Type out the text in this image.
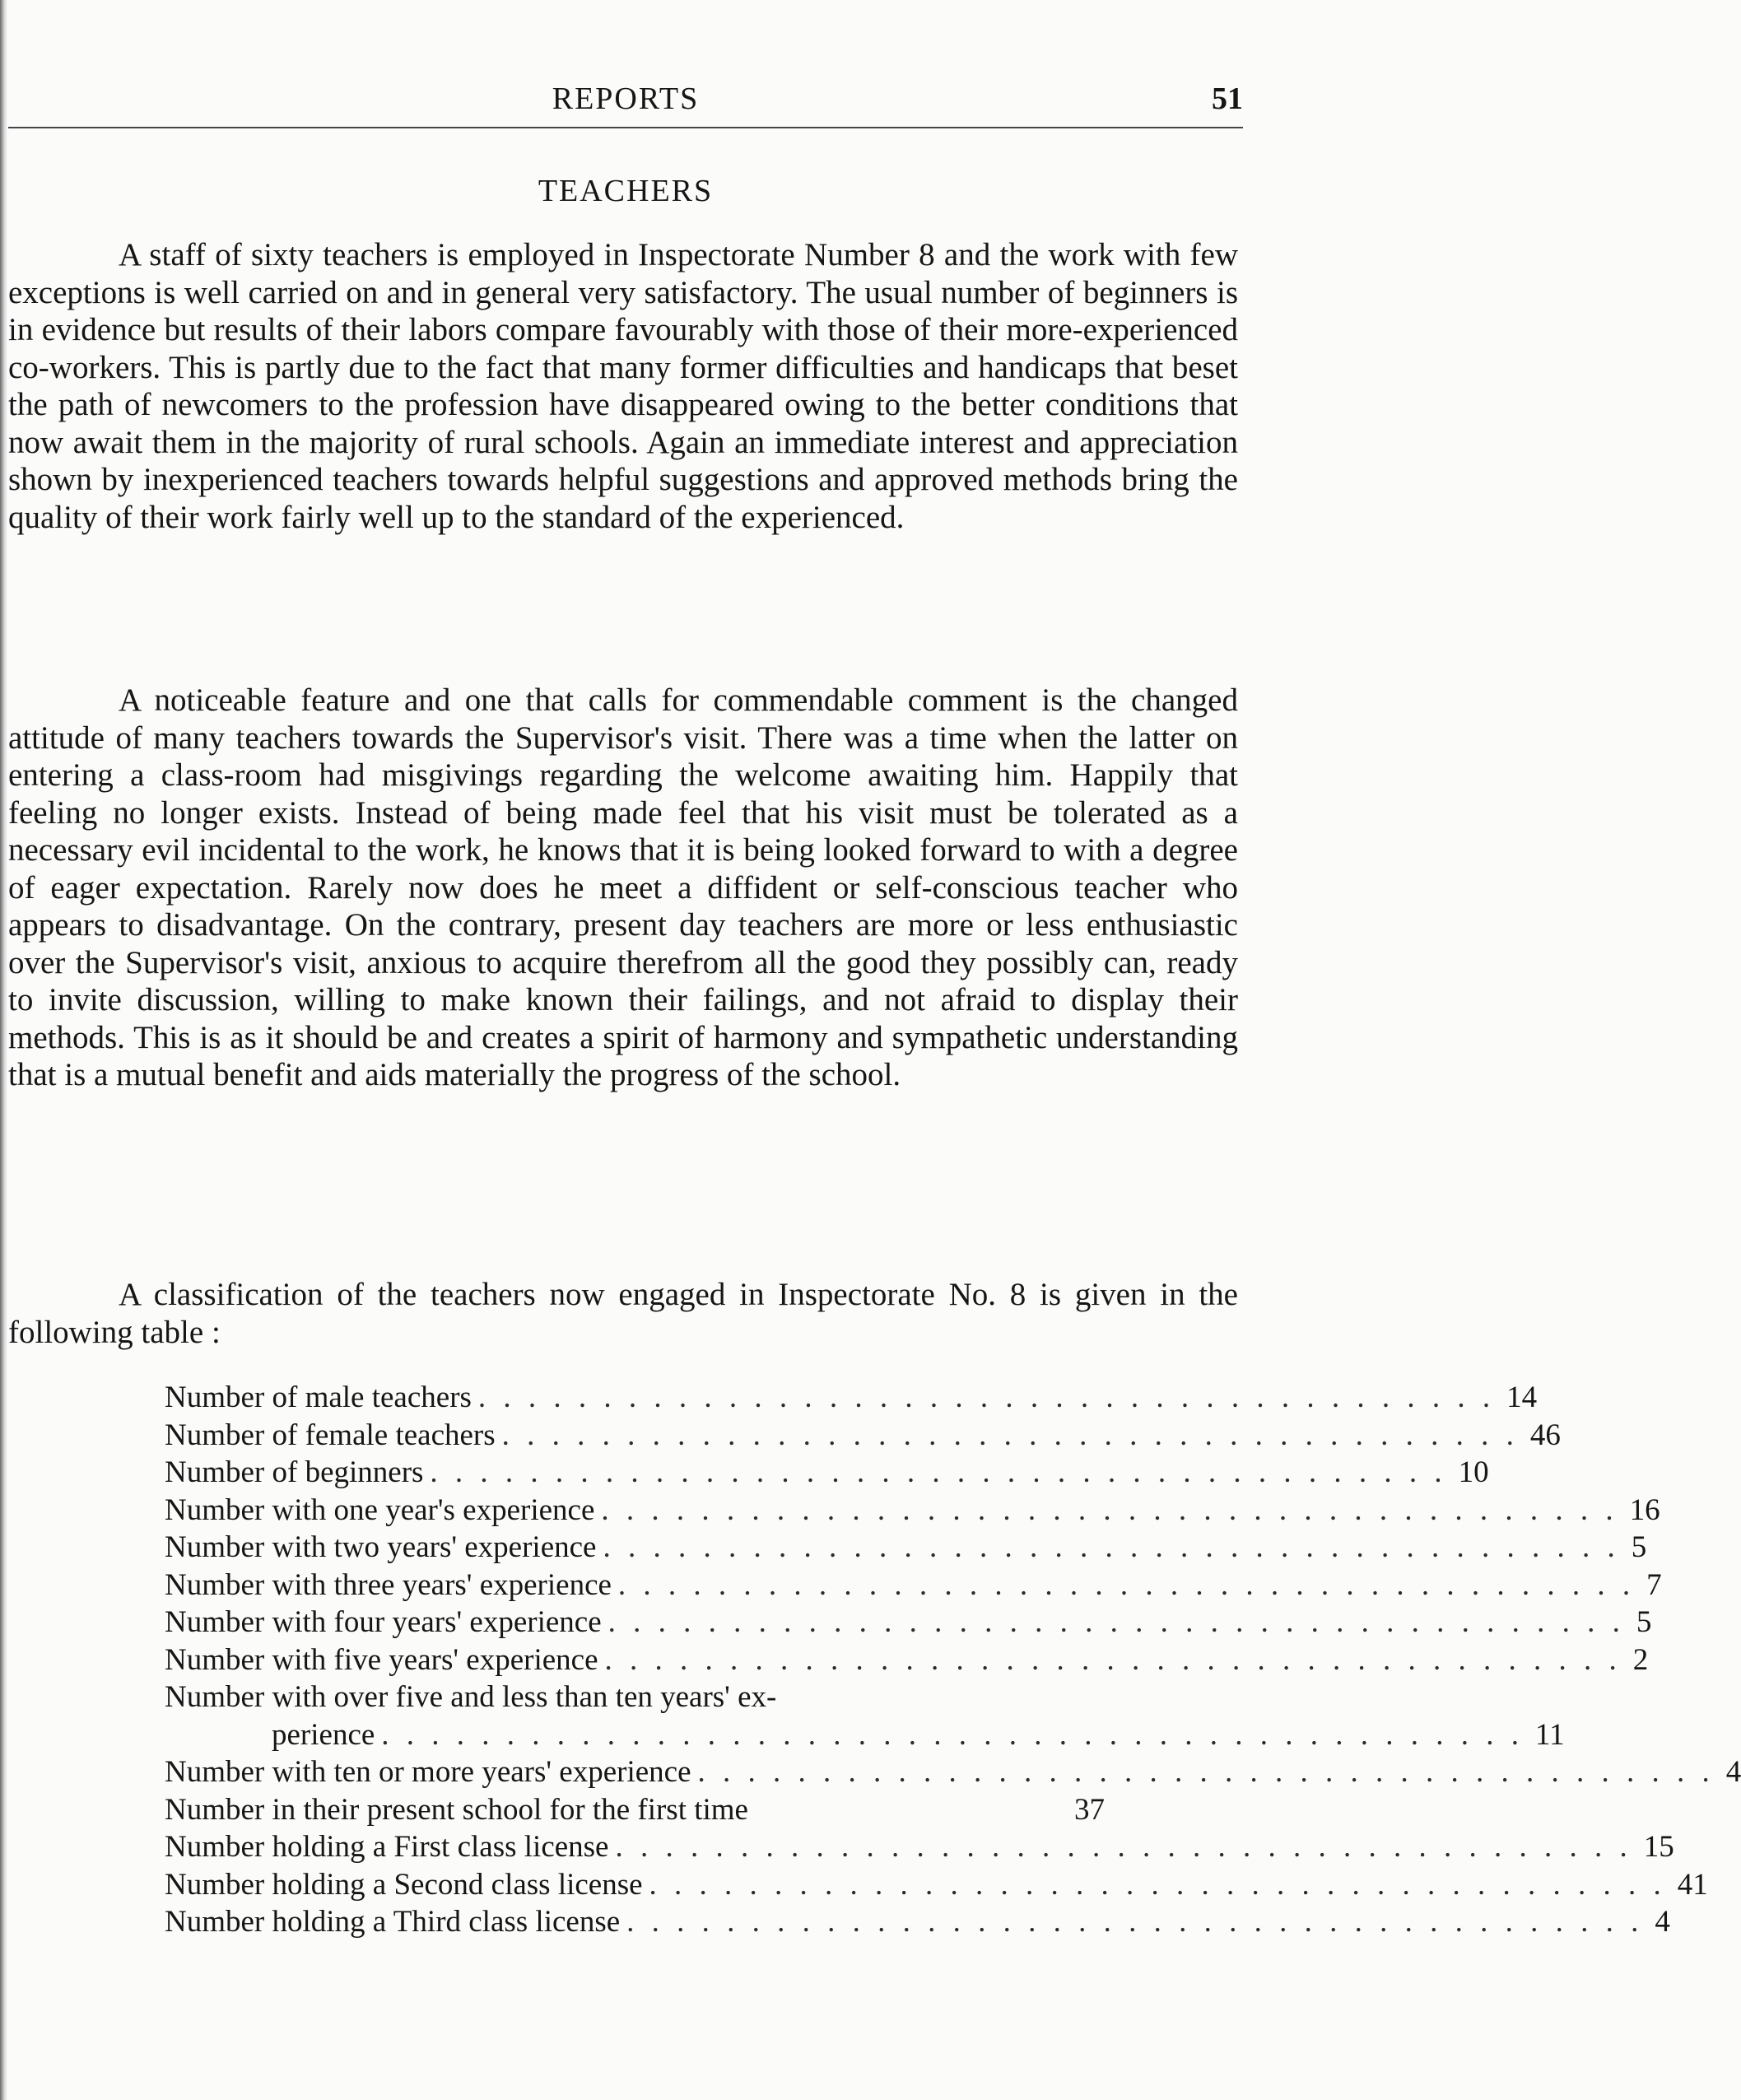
REPORTS	51
TEACHERS

A staff of sixty teachers is employed in Inspectorate Number 8 and the work with few exceptions is well carried on and in general very satisfactory. The usual number of beginners is in evidence but results of their labors compare favourably with those of their more-experienced co-workers. This is partly due to the fact that many former difficulties and handicaps that beset the path of newcomers to the profession have disappeared owing to the better conditions that now await them in the majority of rural schools. Again an immediate interest and appreciation shown by inexperienced teachers towards helpful suggestions and approved methods bring the quality of their work fairly well up to the standard of the experienced.

A noticeable feature and one that calls for commendable comment is the changed attitude of many teachers towards the Supervisor's visit. There was a time when the latter on entering a class-room had misgivings regarding the welcome awaiting him. Happily that feeling no longer exists. Instead of being made feel that his visit must be tolerated as a necessary evil incidental to the work, he knows that it is being looked forward to with a degree of eager expectation. Rarely now does he meet a diffident or self-conscious teacher who appears to disadvantage. On the contrary, present day teachers are more or less enthusiastic over the Supervisor's visit, anxious to acquire therefrom all the good they possibly can, ready to invite discussion, willing to make known their failings, and not afraid to display their methods. This is as it should be and creates a spirit of harmony and sympathetic understanding that is a mutual benefit and aids materially the progress of the school.

A classification of the teachers now engaged in Inspectorate No. 8 is given in the following table :

Number of male teachers . . . . . . . . . . . . . . . . . . . . . . . . . . . . . . . . . . . . . . . . . 14
Number of female teachers . . . . . . . . . . . . . . . . . . . . . . . . . . . . . . . . . . . . . . . . . 46
Number of beginners . . . . . . . . . . . . . . . . . . . . . . . . . . . . . . . . . . . . . . . . . 10
Number with one year's experience . . . . . . . . . . . . . . . . . . . . . . . . . . . . . . . . . . . . . . . . . 16
Number with two years' experience . . . . . . . . . . . . . . . . . . . . . . . . . . . . . . . . . . . . . . . . . 5
Number with three years' experience . . . . . . . . . . . . . . . . . . . . . . . . . . . . . . . . . . . . . . . . . 7
Number with four years' experience . . . . . . . . . . . . . . . . . . . . . . . . . . . . . . . . . . . . . . . . . 5
Number with five years' experience . . . . . . . . . . . . . . . . . . . . . . . . . . . . . . . . . . . . . . . . . 2
Number with over five and less than ten years' ex-
perience . . . . . . . . . . . . . . . . . . . . . . . . . . . . . . . . . . . . . . . . . . . . . . 11
Number with ten or more years' experience . . . . . . . . . . . . . . . . . . . . . . . . . . . . . . . . . . . . . . . . . 4
Number in their present school for the first time	37
Number holding a First class license . . . . . . . . . . . . . . . . . . . . . . . . . . . . . . . . . . . . . . . . . 15
Number holding a Second class license . . . . . . . . . . . . . . . . . . . . . . . . . . . . . . . . . . . . . . . . . 41
Number holding a Third class license . . . . . . . . . . . . . . . . . . . . . . . . . . . . . . . . . . . . . . . . . 4
